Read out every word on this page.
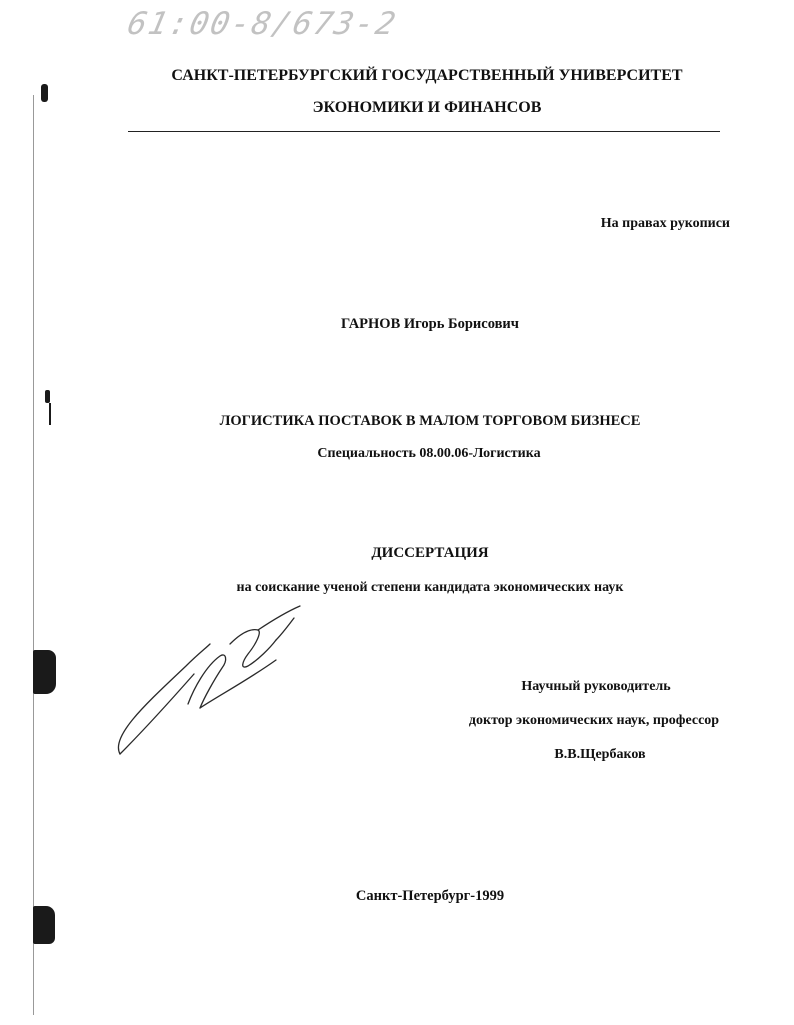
61:00-8/673-2
САНКТ-ПЕТЕРБУРГСКИЙ ГОСУДАРСТВЕННЫЙ УНИВЕРСИТЕТ
ЭКОНОМИКИ И ФИНАНСОВ
На правах рукописи
ГАРНОВ Игорь Борисович
ЛОГИСТИКА ПОСТАВОК В МАЛОМ ТОРГОВОМ БИЗНЕСЕ
Специальность 08.00.06-Логистика
ДИССЕРТАЦИЯ
на соискание ученой степени кандидата экономических наук
Научный руководитель
доктор экономических наук, профессор
В.В.Щербаков
Санкт-Петербург-1999
